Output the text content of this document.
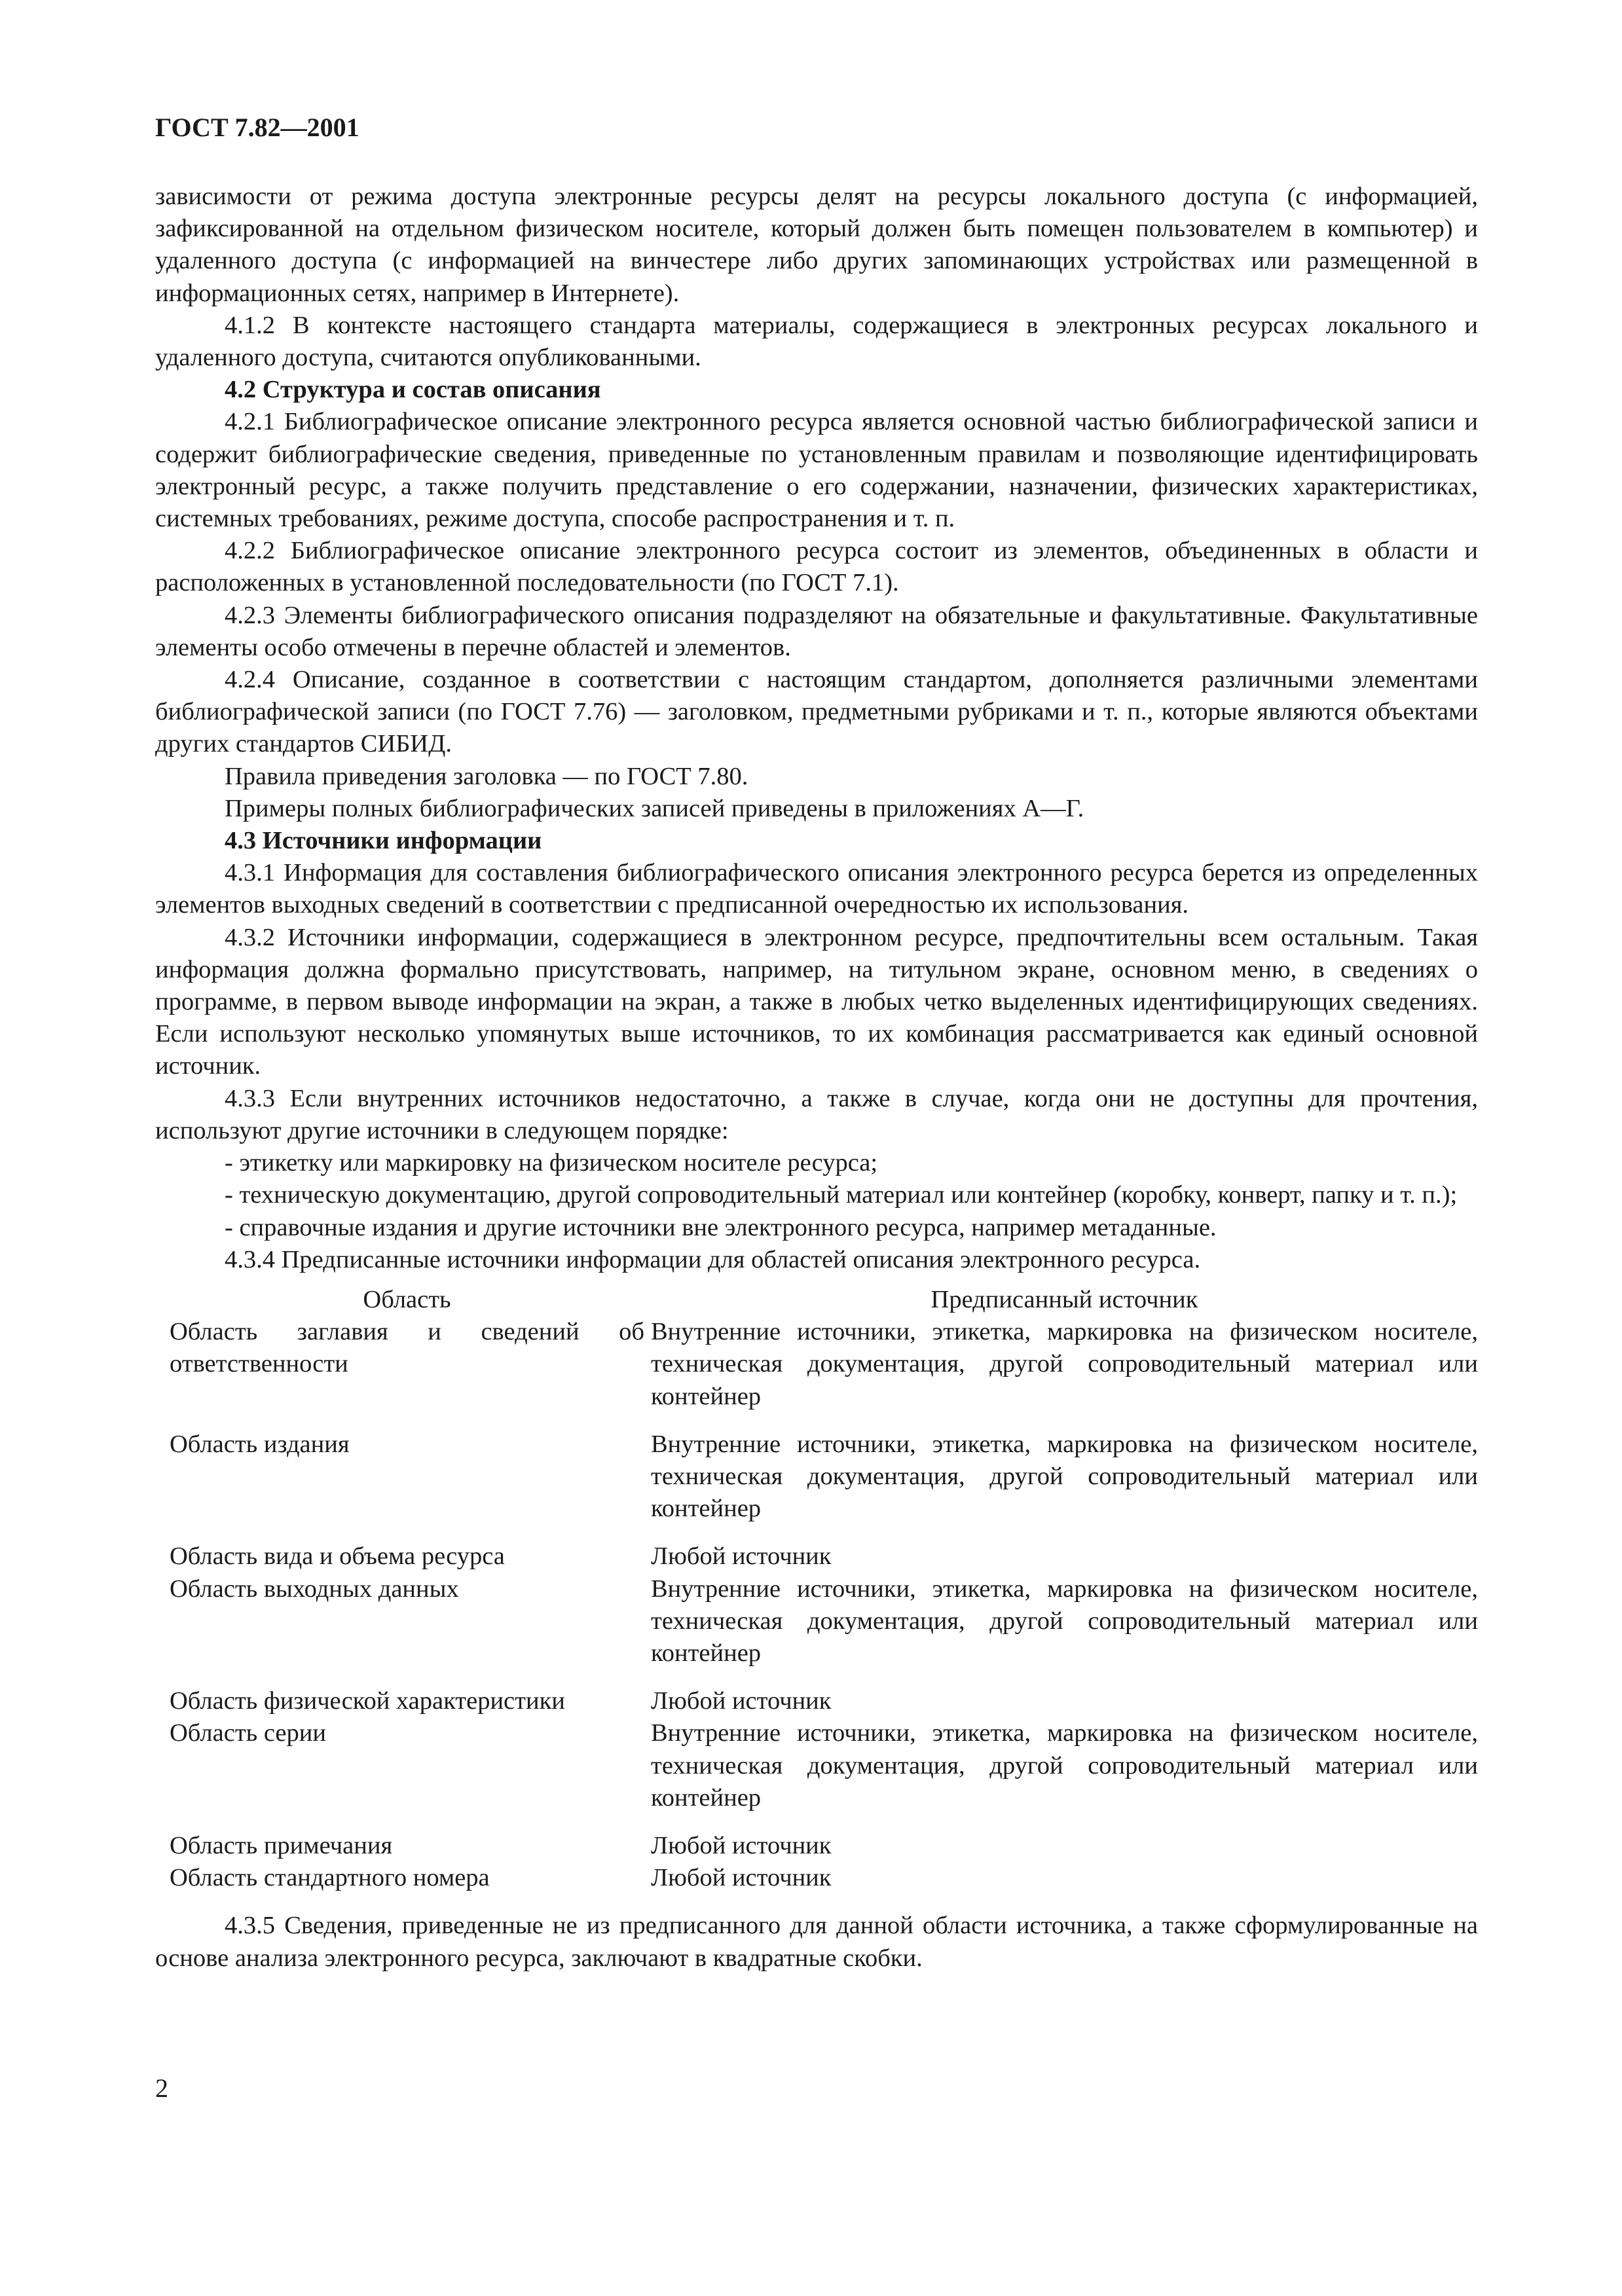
ГОСТ 7.82—2001

зависимости от режима доступа электронные ресурсы делят на ресурсы локального доступа (с информацией, зафиксированной на отдельном физическом носителе, который должен быть помещен пользователем в компьютер) и удаленного доступа (с информацией на винчестере либо других запоминающих устройствах или размещенной в информационных сетях, например в Интернете).

4.1.2 В контексте настоящего стандарта материалы, содержащиеся в электронных ресурсах локального и удаленного доступа, считаются опубликованными.

4.2 Структура и состав описания

4.2.1 Библиографическое описание электронного ресурса является основной частью библиографической записи и содержит библиографические сведения, приведенные по установленным правилам и позволяющие идентифицировать электронный ресурс, а также получить представление о его содержании, назначении, физических характеристиках, системных требованиях, режиме доступа, способе распространения и т. п.

4.2.2 Библиографическое описание электронного ресурса состоит из элементов, объединенных в области и расположенных в установленной последовательности (по ГОСТ 7.1).

4.2.3 Элементы библиографического описания подразделяют на обязательные и факультативные. Факультативные элементы особо отмечены в перечне областей и элементов.

4.2.4 Описание, созданное в соответствии с настоящим стандартом, дополняется различными элементами библиографической записи (по ГОСТ 7.76) — заголовком, предметными рубриками и т. п., которые являются объектами других стандартов СИБИД.

Правила приведения заголовка — по ГОСТ 7.80.

Примеры полных библиографических записей приведены в приложениях А—Г.

4.3 Источники информации

4.3.1 Информация для составления библиографического описания электронного ресурса берется из определенных элементов выходных сведений в соответствии с предписанной очередностью их использования.

4.3.2 Источники информации, содержащиеся в электронном ресурсе, предпочтительны всем остальным. Такая информация должна формально присутствовать, например, на титульном экране, основном меню, в сведениях о программе, в первом выводе информации на экран, а также в любых четко выделенных идентифицирующих сведениях. Если используют несколько упомянутых выше источников, то их комбинация рассматривается как единый основной источник.

4.3.3 Если внутренних источников недостаточно, а также в случае, когда они не доступны для прочтения, используют другие источники в следующем порядке:

- этикетку или маркировку на физическом носителе ресурса;

- техническую документацию, другой сопроводительный материал или контейнер (коробку, конверт, папку и т. п.);

- справочные издания и другие источники вне электронного ресурса, например метаданные.

4.3.4 Предписанные источники информации для областей описания электронного ресурса.

Область	Предписанный источник
Область заглавия и сведений об ответственности	Внутренние источники, этикетка, маркировка на физическом носителе, техническая документация, другой сопроводительный материал или контейнер
Область издания	Внутренние источники, этикетка, маркировка на физическом носителе, техническая документация, другой сопроводительный материал или контейнер
Область вида и объема ресурса	Любой источник
Область выходных данных	Внутренние источники, этикетка, маркировка на физическом носителе, техническая документация, другой сопроводительный материал или контейнер
Область физической характеристики	Любой источник
Область серии	Внутренние источники, этикетка, маркировка на физическом носителе, техническая документация, другой сопроводительный материал или контейнер
Область примечания	Любой источник
Область стандартного номера	Любой источник

4.3.5 Сведения, приведенные не из предписанного для данной области источника, а также сформулированные на основе анализа электронного ресурса, заключают в квадратные скобки.

2
